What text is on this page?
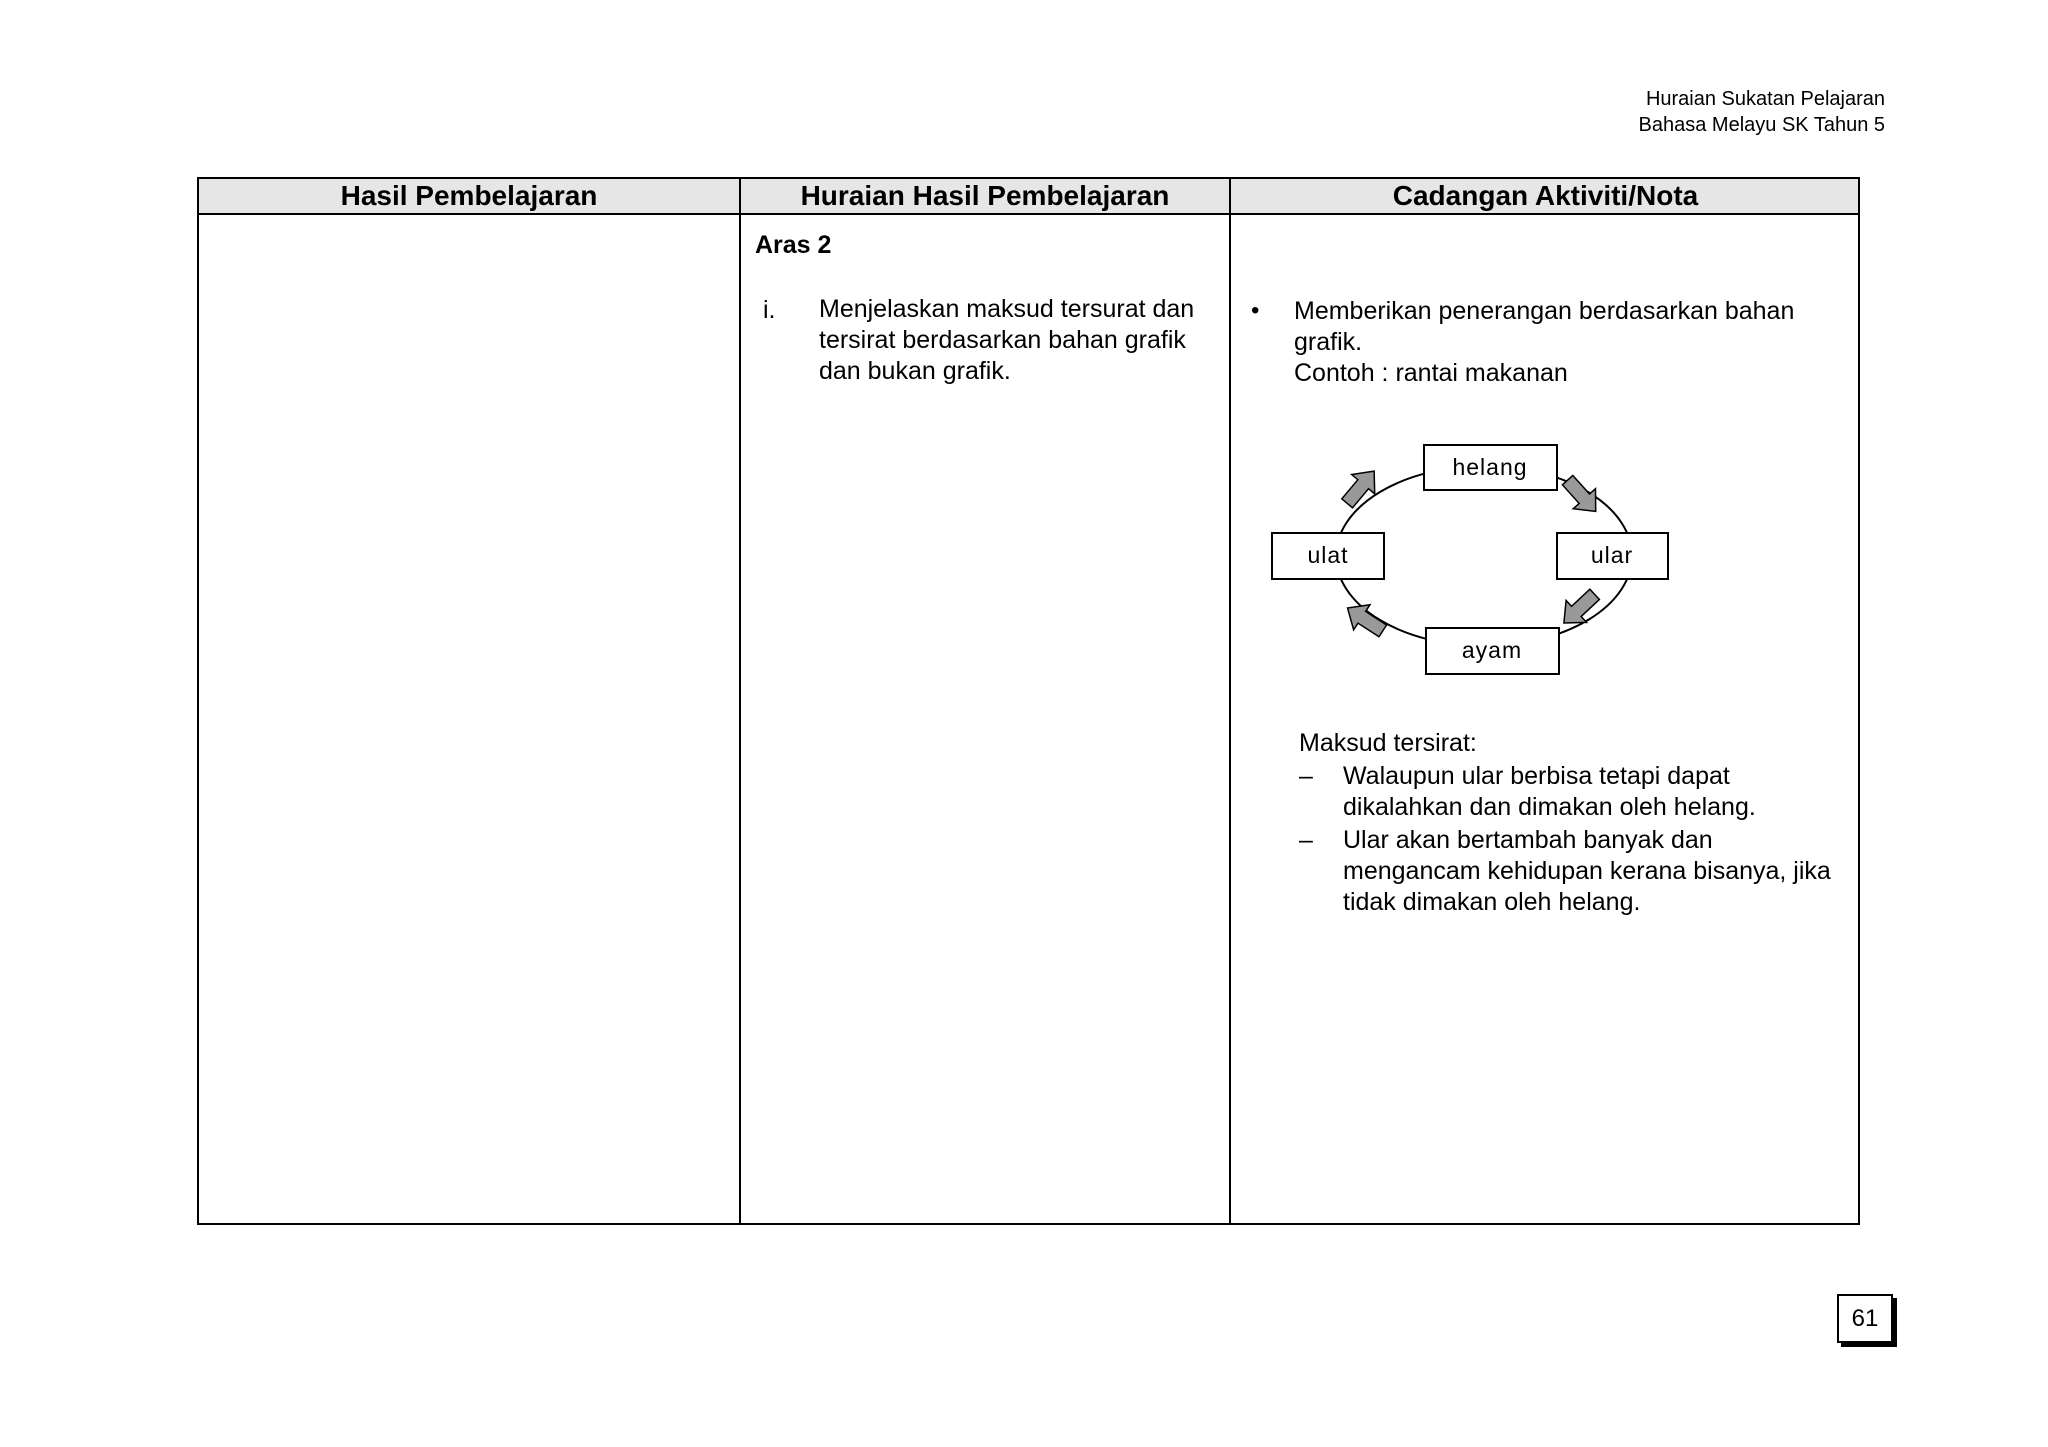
Huraian Sukatan Pelajaran
Bahasa Melayu SK Tahun 5
Hasil Pembelajaran	Huraian Hasil Pembelajaran	Cadangan Aktiviti/Nota
Aras 2
i. Menjelaskan maksud tersurat dan tersirat berdasarkan bahan grafik dan bukan grafik.
• Memberikan penerangan berdasarkan bahan grafik.
Contoh : rantai makanan
helang
ular
ayam
ulat
Maksud tersirat:
– Walaupun ular berbisa tetapi dapat dikalahkan dan dimakan oleh helang.
– Ular akan bertambah banyak dan mengancam kehidupan kerana bisanya, jika tidak dimakan oleh helang.
61
